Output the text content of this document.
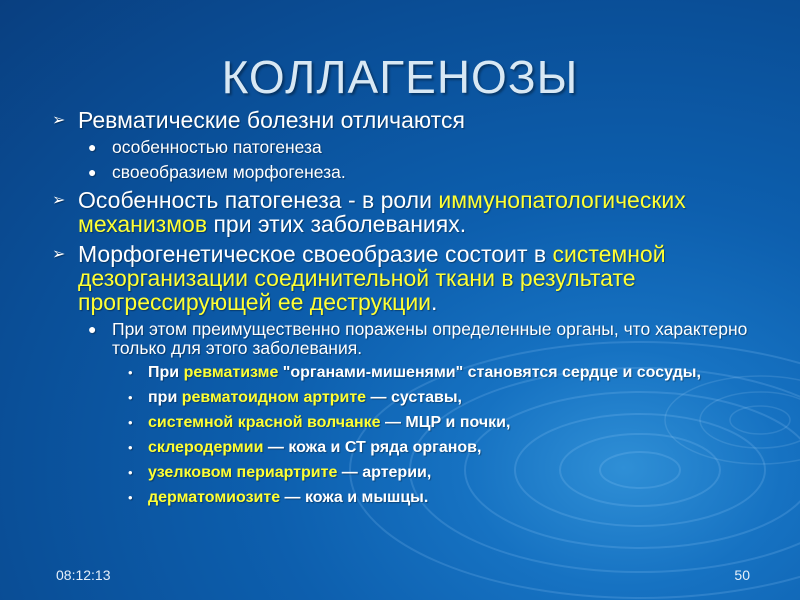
КОЛЛАГЕНОЗЫ
➢ Ревматические болезни отличаются
● особенностью патогенеза
● своеобразием морфогенеза.
➢ Особенность патогенеза - в роли иммунопатологических механизмов при этих заболеваниях.
➢ Морфогенетическое своеобразие состоит в системной дезорганизации соединительной ткани в результате прогрессирующей ее деструкции.
● При этом преимущественно поражены определенные органы, что характерно только для этого заболевания.
• При ревматизме "органами-мишенями" становятся сердце и сосуды,
• при ревматоидном артрите — суставы,
• системной красной волчанке — МЦР и почки,
• склеродермии — кожа и СТ ряда органов,
• узелковом периартрите — артерии,
• дерматомиозите — кожа и мышцы.
08:12:13	50
